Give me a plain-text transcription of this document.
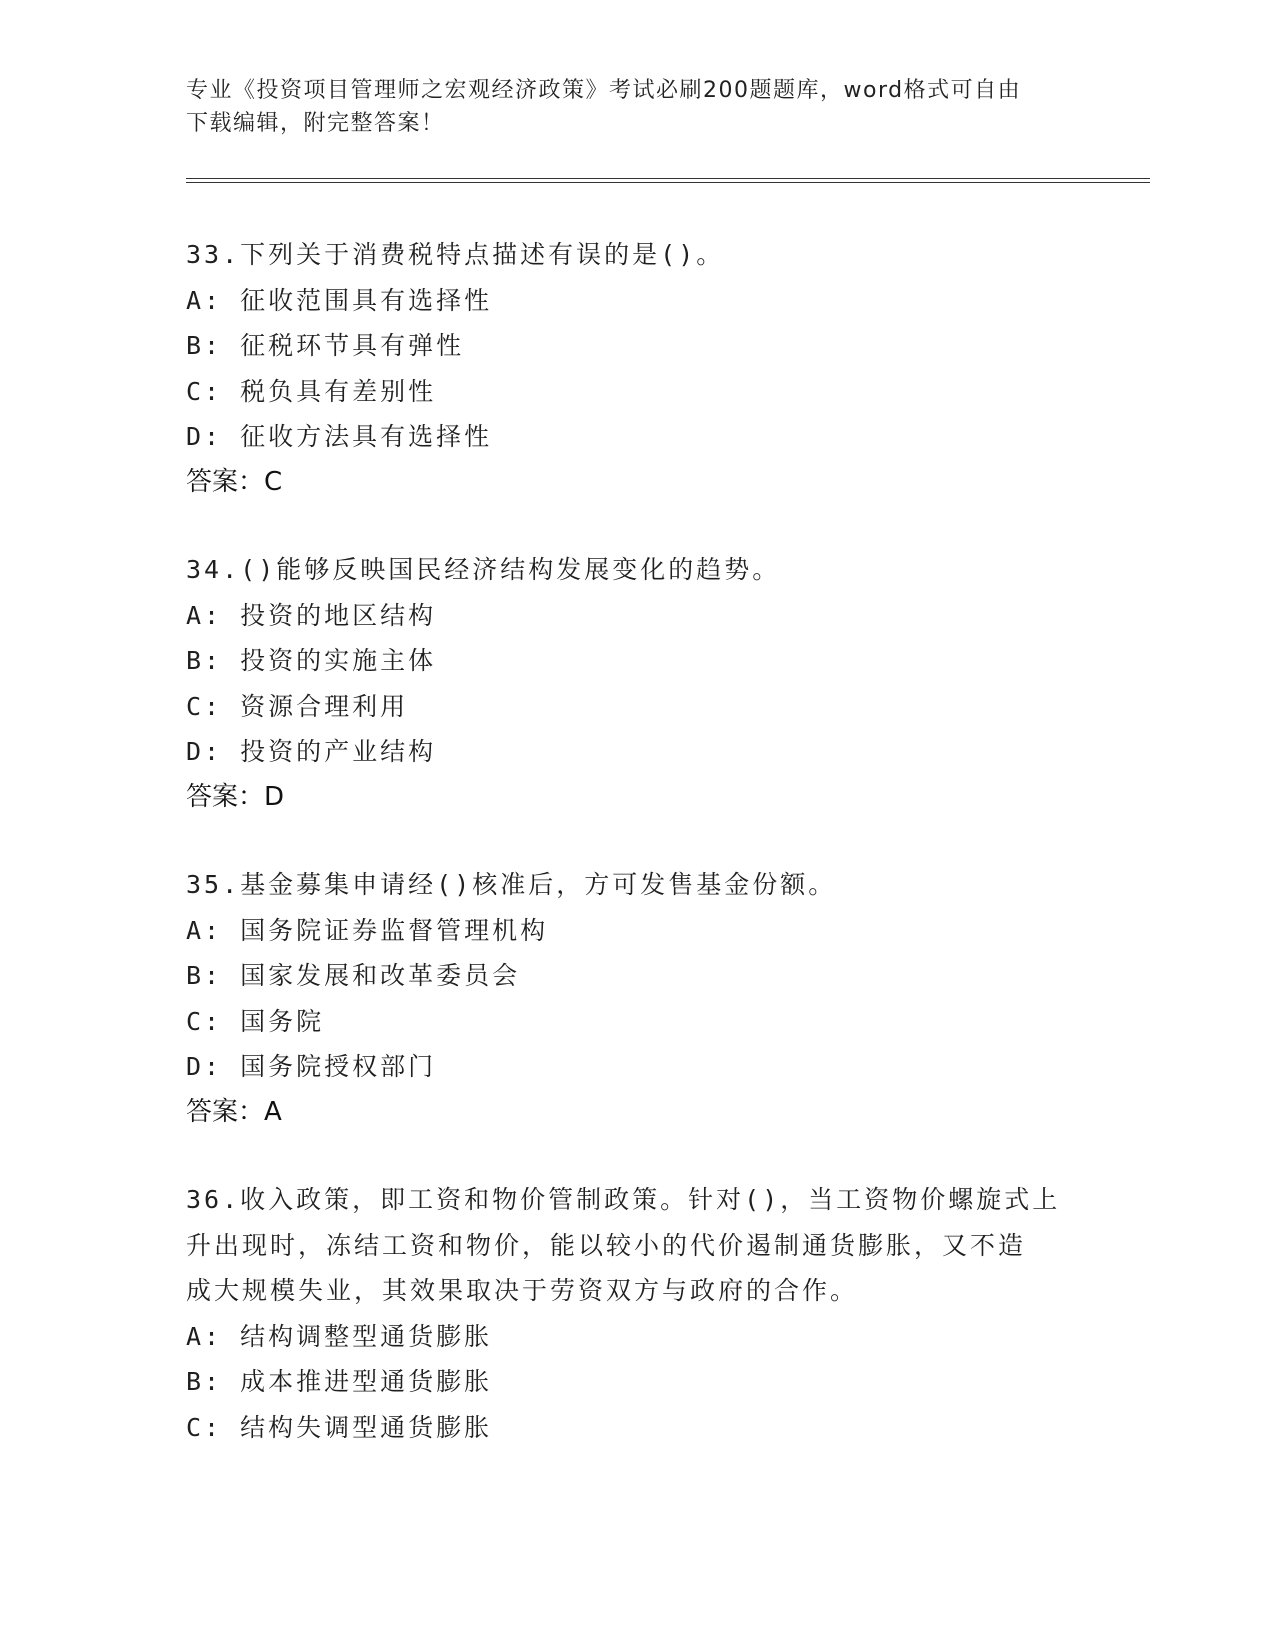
专业《投资项目管理师之宏观经济政策》考试必刷200题题库，word格式可自由
下载编辑，附完整答案！

33.下列关于消费税特点描述有误的是()。

A: 征收范围具有选择性

B: 征税环节具有弹性

C: 税负具有差别性

D: 征收方法具有选择性

答案：C

34.()能够反映国民经济结构发展变化的趋势。

A: 投资的地区结构

B: 投资的实施主体

C: 资源合理利用

D: 投资的产业结构

答案：D

35.基金募集申请经()核准后，方可发售基金份额。

A: 国务院证券监督管理机构

B: 国家发展和改革委员会

C: 国务院

D: 国务院授权部门

答案：A

36.收入政策，即工资和物价管制政策。针对()，当工资物价螺旋式上

升出现时，冻结工资和物价，能以较小的代价遏制通货膨胀，又不造

成大规模失业，其效果取决于劳资双方与政府的合作。

A: 结构调整型通货膨胀

B: 成本推进型通货膨胀

C: 结构失调型通货膨胀
